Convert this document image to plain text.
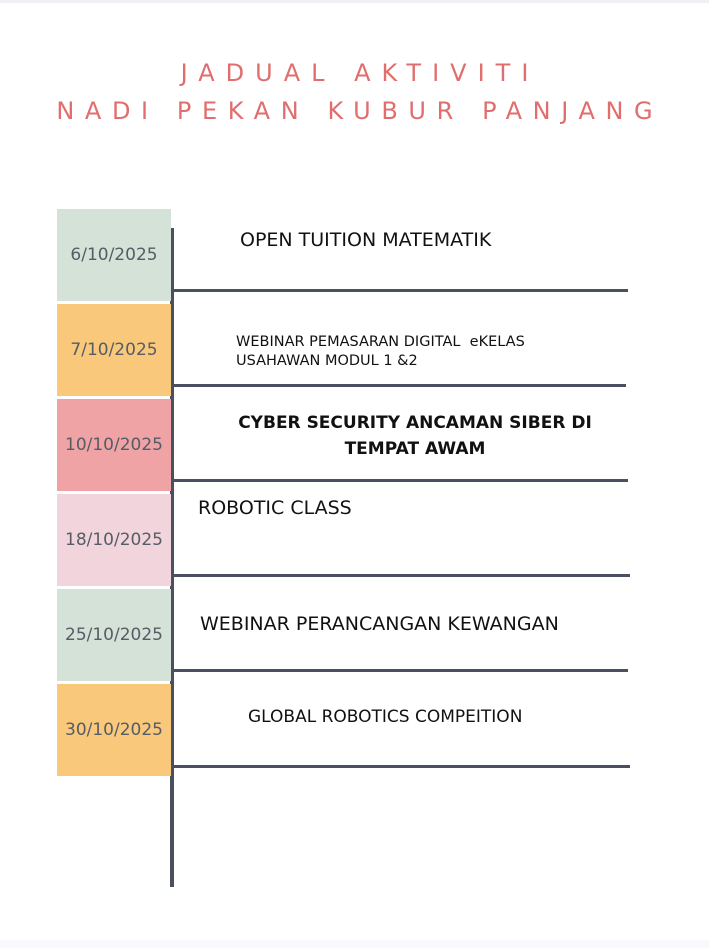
JADUAL AKTIVITI
NADI PEKAN KUBUR PANJANG
6/10/2025
OPEN TUITION MATEMATIK
7/10/2025	WEBINAR PEMASARAN DIGITAL  eKELAS
USAHAWAN MODUL 1 &2
10/10/2025
CYBER SECURITY ANCAMAN SIBER DI
TEMPAT AWAM
18/10/2025
ROBOTIC CLASS
25/10/2025	WEBINAR PERANCANGAN KEWANGAN
30/10/2025
GLOBAL ROBOTICS COMPEITION
